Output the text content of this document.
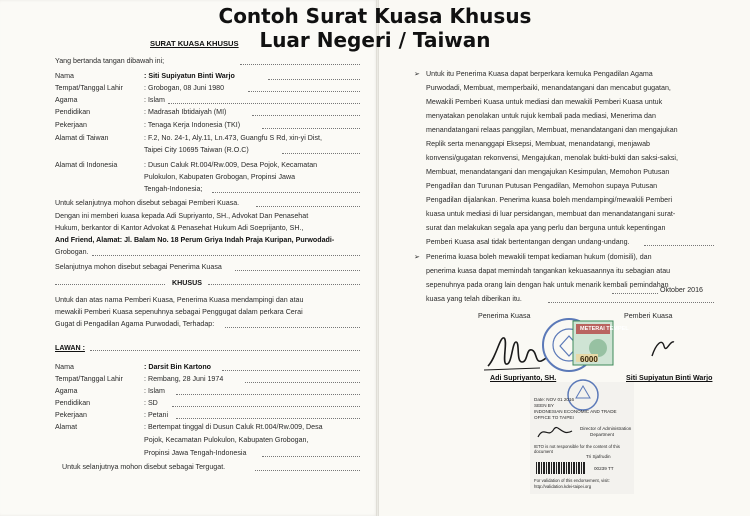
Contoh Surat Kuasa Khusus
Luar Negeri / Taiwan
SURAT KUASA KHUSUS
Yang bertanda tangan dibawah ini;
Nama	: Siti Supiyatun Binti Warjo
Tempat/Tanggal Lahir	: Grobogan, 08 Juni 1980
Agama	: Islam
Pendidikan	: Madrasah Ibtidaiyah (MI)
Pekerjaan	: Tenaga Kerja Indonesia (TKI)
Alamat di Taiwan	: F.2, No. 24-1, Aly.11, Ln.473, Guangfu S Rd, xin-yi Dist,
Taipei City 10695 Taiwan (R.O.C)
Alamat di Indonesia	: Dusun Caluk Rt.004/Rw.009, Desa Pojok, Kecamatan
Pulokulon, Kabupaten Grobogan, Propinsi Jawa
Tengah-Indonesia;
Untuk selanjutnya mohon disebut sebagai Pemberi Kuasa.
Dengan ini memberi kuasa kepada Adi Supriyanto, SH., Advokat Dan Penasehat
Hukum, berkantor di Kantor Advokat & Penasehat Hukum Adi Soeprijanto, SH.,
And Friend, Alamat: Jl. Balam No. 18 Perum Griya Indah Praja Kuripan, Purwodadi-
Grobogan.
Selanjutnya mohon disebut sebagai Penerima Kuasa
KHUSUS
Untuk dan atas nama Pemberi Kuasa, Penerima Kuasa mendampingi dan atau
mewakili Pemberi Kuasa sepenuhnya sebagai Penggugat dalam perkara Cerai
Gugat di Pengadilan Agama Purwodadi, Terhadap:
LAWAN :
Nama	: Darsit Bin Kartono
Tempat/Tanggal Lahir	: Rembang, 28 Juni 1974
Agama	: Islam
Pendidikan	: SD
Pekerjaan	: Petani
Alamat	: Bertempat tinggal di Dusun Caluk Rt.004/Rw.009, Desa
Pojok, Kecamatan Pulokulon, Kabupaten Grobogan,
Propinsi Jawa Tengah-Indonesia
Untuk selanjutnya mohon disebut sebagai Tergugat.
➢ Untuk itu Penerima Kuasa dapat berperkara kemuka Pengadilan Agama
Purwodadi, Membuat, memperbaiki, menandatangani dan mencabut gugatan,
Mewakili Pemberi Kuasa untuk mediasi dan mewakili Pemberi Kuasa untuk
menyatakan penolakan untuk rujuk kembali pada mediasi, Menerima dan
menandatangani relaas panggilan, Membuat, menandatangani dan mengajukan
Replik serta menanggapi Eksepsi, Membuat, menandatangi, menjawab
konvensi/gugatan rekonvensi, Mengajukan, menolak bukti-bukti dan saksi-saksi,
Membuat, menandatangani dan mengajukan Kesimpulan, Memohon Putusan
Pengadilan dan Turunan Putusan Pengadilan, Memohon supaya Putusan
Pengadilan dijalankan. Penerima kuasa boleh mendampingi/mewakili Pemberi
kuasa untuk mediasi di luar persidangan, membuat dan menandatangani surat-
surat dan melakukan segala apa yang perlu dan berguna untuk kepentingan
Pemberi Kuasa asal tidak bertentangan dengan undang-undang.
➢ Penerima kuasa boleh mewakili tempat kediaman hukum (domisili), dan
penerima kuasa dapat memindah tangankan kekuasaannya itu sebagian atau
sepenuhnya pada orang lain dengan hak untuk menarik kembali pemindahan
kuasa yang telah diberikan itu.
Oktober 2016
Penerima Kuasa	Pemberi Kuasa
METERAI TEMPEL
6000
Adi Supriyanto, SH.	Siti Supiyatun Binti Warjo
Date: NOV 01 2016
SEEN BY
INDONESIAN ECONOMIC AND TRADE
OFFICE TO TAIPEI
Director of Administration
Department
IETO is not responsible for the content of this
document
Tri Sjafrudin
00239 TT
For validation of this endorsement, visit:
http://validation.kdei-taipei.org
